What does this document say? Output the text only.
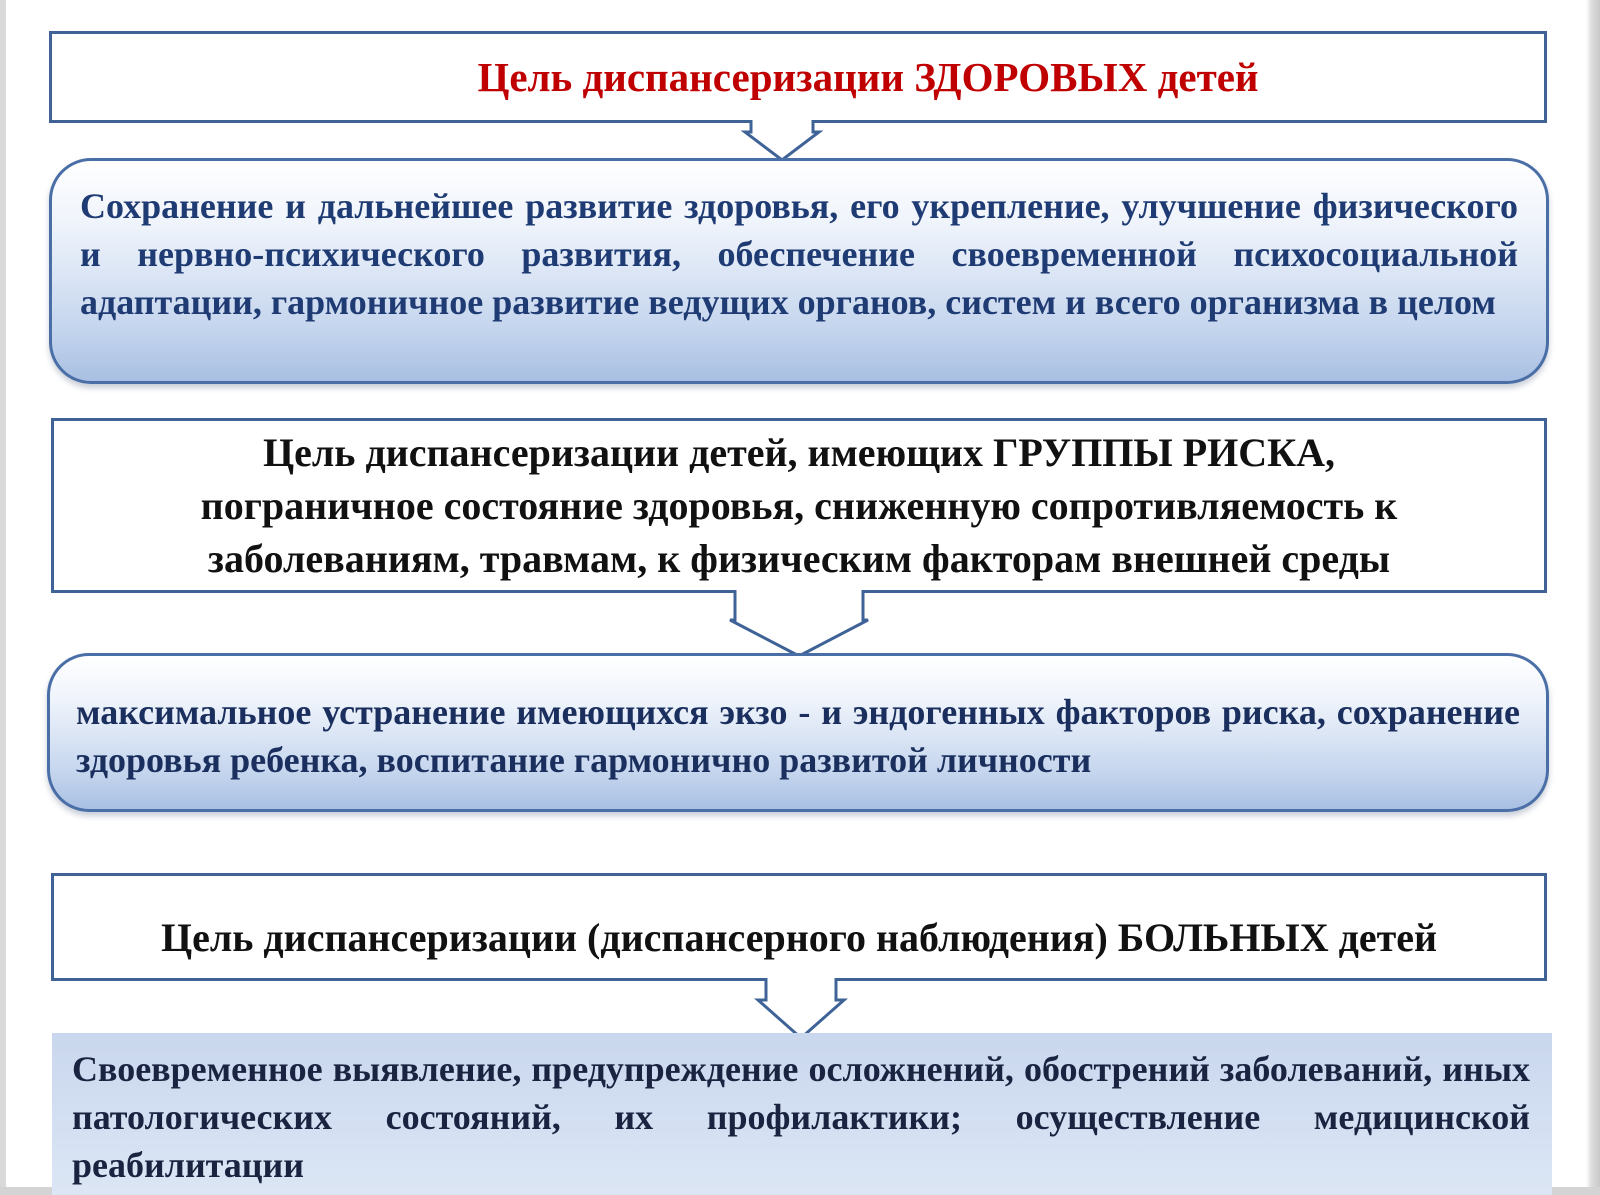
Цель диспансеризации ЗДОРОВЫХ детей
Сохранение и дальнейшее развитие здоровья, его укрепление, улучшение физического и нервно-психического развития, обеспечение своевременной психосоциальной адаптации, гармоничное развитие ведущих органов, систем и всего организма в целом
Цель диспансеризации детей, имеющих ГРУППЫ РИСКА,
пограничное состояние здоровья, сниженную сопротивляемость к
заболеваниям, травмам, к физическим факторам внешней среды
максимальное устранение имеющихся экзо - и эндогенных факторов риска, сохранение здоровья ребенка, воспитание гармонично развитой личности
Цель диспансеризации (диспансерного наблюдения) БОЛЬНЫХ детей
Своевременное выявление, предупреждение осложнений, обострений заболеваний, иных патологических состояний, их профилактики; осуществление медицинской реабилитации
